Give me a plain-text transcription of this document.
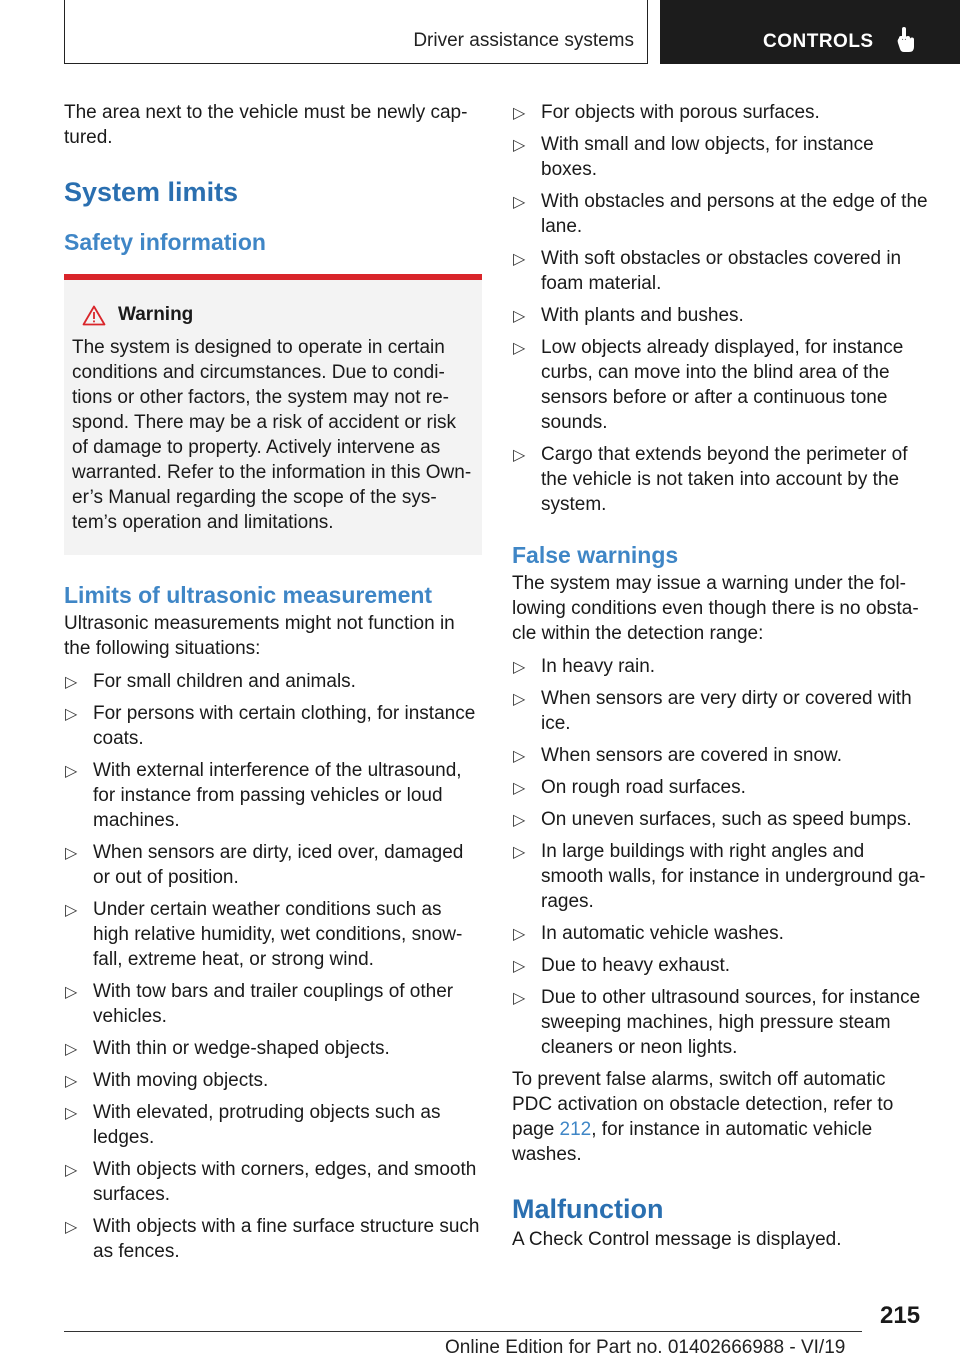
Driver assistance systems	CONTROLS

The area next to the vehicle must be newly cap-tured.

System limits
Safety information
Warning

The system is designed to operate in certain conditions and circumstances. Due to condi-tions or other factors, the system may not re-spond. There may be a risk of accident or risk of damage to property. Actively intervene as warranted. Refer to the information in this Own-er’s Manual regarding the scope of the sys-tem’s operation and limitations.

Limits of ultrasonic measurement

Ultrasonic measurements might not function in the following situations:

▷ For small children and animals.
▷ For persons with certain clothing, for instance coats.
▷ With external interference of the ultrasound, for instance from passing vehicles or loud machines.
▷ When sensors are dirty, iced over, damaged or out of position.
▷ Under certain weather conditions such as high relative humidity, wet conditions, snow-fall, extreme heat, or strong wind.
▷ With tow bars and trailer couplings of other vehicles.
▷ With thin or wedge-shaped objects.
▷ With moving objects.
▷ With elevated, protruding objects such as ledges.
▷ With objects with corners, edges, and smooth surfaces.
▷ With objects with a fine surface structure such as fences.
▷ For objects with porous surfaces.
▷ With small and low objects, for instance boxes.
▷ With obstacles and persons at the edge of the lane.
▷ With soft obstacles or obstacles covered in foam material.
▷ With plants and bushes.
▷ Low objects already displayed, for instance curbs, can move into the blind area of the sensors before or after a continuous tone sounds.
▷ Cargo that extends beyond the perimeter of the vehicle is not taken into account by the system.
False warnings

The system may issue a warning under the fol-lowing conditions even though there is no obsta-cle within the detection range:

▷ In heavy rain.
▷ When sensors are very dirty or covered with ice.
▷ When sensors are covered in snow.
▷ On rough road surfaces.
▷ On uneven surfaces, such as speed bumps.
▷ In large buildings with right angles and smooth walls, for instance in underground ga-rages.
▷ In automatic vehicle washes.
▷ Due to heavy exhaust.
▷ Due to other ultrasound sources, for instance sweeping machines, high pressure steam cleaners or neon lights.

To prevent false alarms, switch off automatic PDC activation on obstacle detection, refer to page 212, for instance in automatic vehicle washes.

Malfunction

A Check Control message is displayed.

215
Online Edition for Part no. 01402666988 - VI/19
